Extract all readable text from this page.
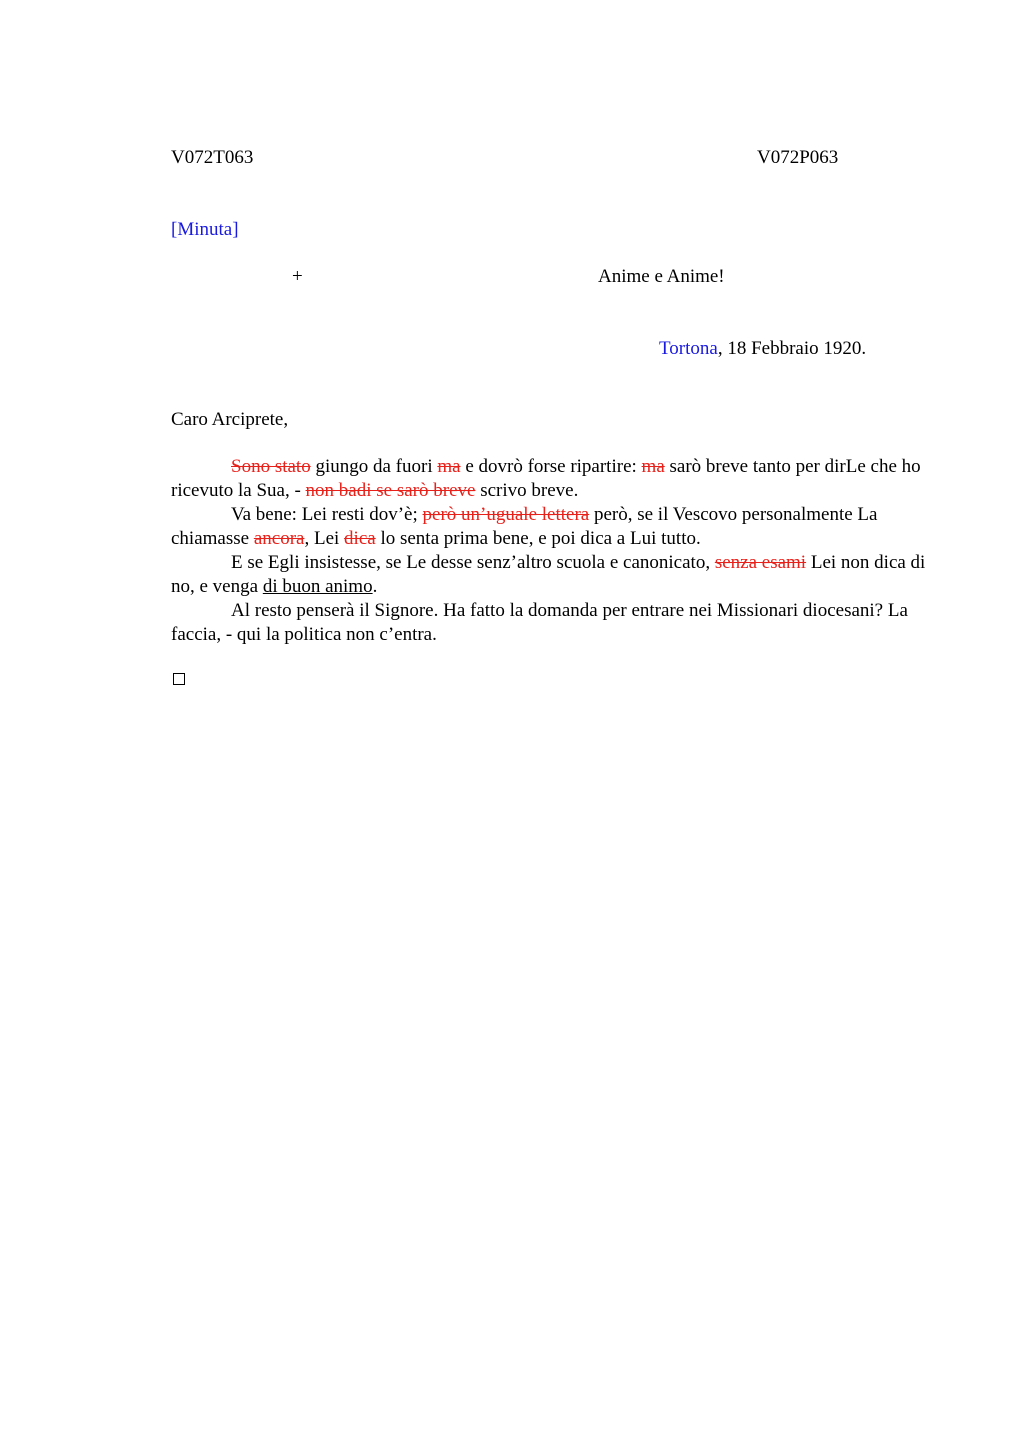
V072T063	V072P063
[Minuta]
+	Anime e Anime!
Tortona, 18 Febbraio 1920.
Caro Arciprete,

Sono stato giungo da fuori ma e dovrò forse ripartire: ma sarò breve tanto per dirLe che ho ricevuto la Sua, - non badi se sarò breve scrivo breve.

Va bene: Lei resti dov’è; però un’uguale lettera però, se il Vescovo personalmente La chiamasse ancora, Lei dica lo senta prima bene, e poi dica a Lui tutto.

E se Egli insistesse, se Le desse senz’altro scuola e canonicato, senza esami Lei non dica di no, e venga di buon animo.

Al resto penserà il Signore. Ha fatto la domanda per entrare nei Missionari diocesani? La faccia, - qui la politica non c’entra.
